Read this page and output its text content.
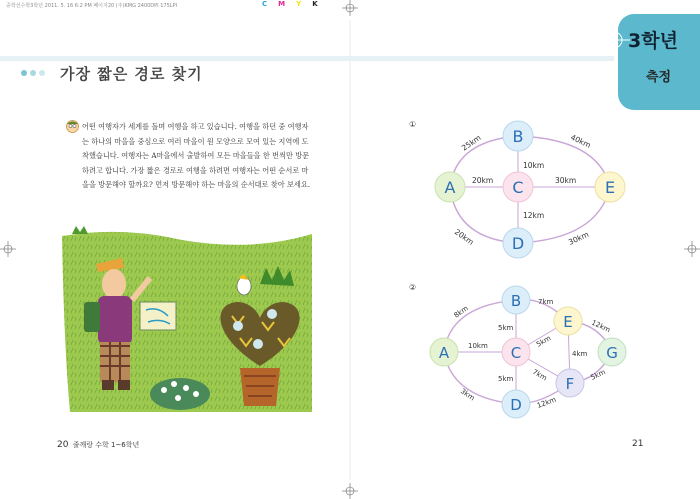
중학선수학3학년 2011. 5. 16 6:2 PM 페이지20 (주)KMG 2400DPI 175LPI	C M Y K
가장 짧은 경로 찾기
3학년
측정
어떤 여행자가 세계를 돌며 여행을 하고 있습니다. 여행을 하던 중 여행자
는 하나의 마을을 중심으로 여러 마을이 원 모양으로 모여 있는 지역에 도
착했습니다. 여행자는 A마을에서 출발하여 모든 마을들을 한 번씩만 방문
하려고 합니다. 가장 짧은 경로로 여행을 하려면 여행자는 어떤 순서로 마
을을 방문해야 할까요? 먼저 방문해야 하는 마을의 순서대로 찾아 보세요.
①
B
A	C	E
D
25km	40km
10km
20km	30km
12km
20km	30km
②
B
E
A	C	G
F
D
8km
7km
12km
5km
5km
10km
4km
5km	7km	5km
3km
12km
20 줄깨랑 수학 1~6학년	21
